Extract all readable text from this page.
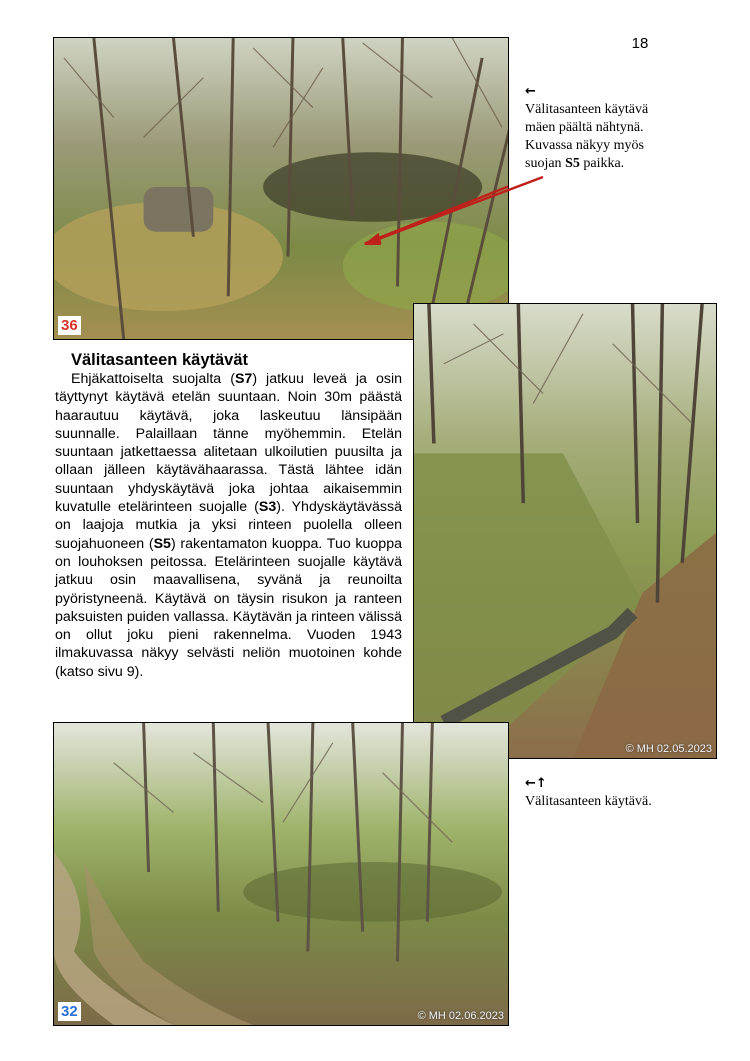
18
36
←
Välitasanteen käytävä
mäen päältä nähtynä.
Kuvassa näkyy myös
suojan S5 paikka.
© MH 02.05.2023
Välitasanteen käytävät

Ehjäkattoiselta suojalta (S7) jatkuu leveä ja osin täyttynyt käytävä etelän suuntaan. Noin 30m päästä haarautuu käytävä, joka laskeutuu länsipään suunnalle. Palaillaan tänne myöhemmin. Etelän suuntaan jatkettaessa alitetaan ulkoilutien puusilta ja ollaan jälleen käytävähaarassa. Tästä lähtee idän suuntaan yhdyskäytävä joka johtaa aikaisemmin kuvatulle etelärinteen suojalle (S3). Yhdyskäytävässä on laajoja mutkia ja yksi rinteen puolella olleen suojahuoneen (S5) rakentamaton kuoppa. Tuo kuoppa on louhoksen peitossa. Etelärinteen suojalle käytävä jatkuu osin maavallisena, syvänä ja reunoilta pyöristyneenä. Käytävä on täysin risukon ja ranteen paksuisten puiden vallassa. Käytävän ja rinteen välissä on ollut joku pieni rakennelma. Vuoden 1943 ilmakuvassa näkyy selvästi neliön muotoinen kohde (katso sivu 9).

←↑
Välitasanteen käytävä.
32	© MH 02.06.2023
